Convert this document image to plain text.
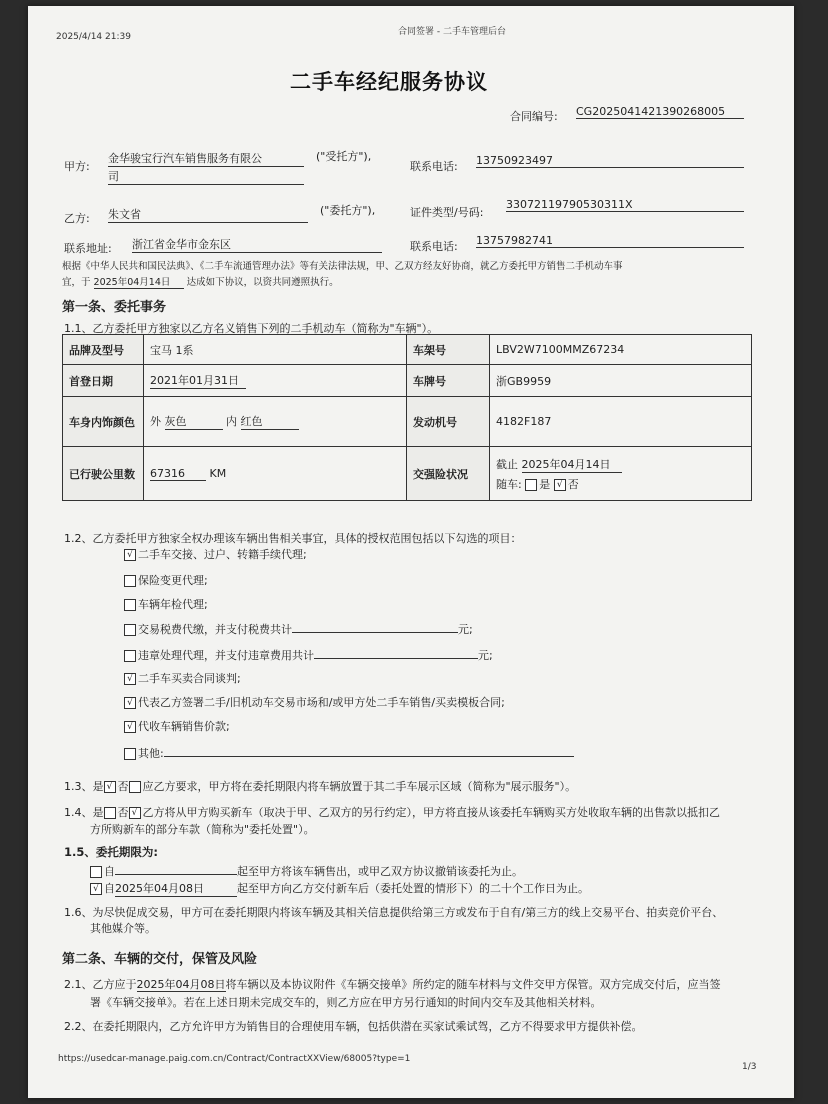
2025/4/14 21:39	合同签署 - 二手车管理后台
二手车经纪服务协议
合同编号: CG2025041421390268005
甲方:
金华骏宝行汽车销售服务有限公
司
("受托方"),
联系电话: 13750923497
乙方: 朱文省	("委托方"),	证件类型/号码:
33072119790530311X
联系地址: 浙江省金华市金东区	联系电话: 13757982741
根据《中华人民共和国民法典》、《二手车流通管理办法》等有关法律法规，甲、乙双方经友好协商，就乙方委托甲方销售二手机动车事
宜，于 2025年04月14日 达成如下协议，以资共同遵照执行。
第一条、委托事务
1.1、乙方委托甲方独家以乙方名义销售下列的二手机动车（简称为"车辆"）。
品牌及型号	宝马 1系	车架号	LBV2W7100MMZ67234
首登日期	2021年01月31日	车牌号	浙GB9959
车身内饰颜色	外 灰色 内 红色	发动机号	4182F187
已行驶公里数	67316 KM	交强险状况	截止 2025年04月14日
随车: 是 √ 否
1.2、乙方委托甲方独家全权办理该车辆出售相关事宜，具体的授权范围包括以下勾选的项目：
√ 二手车交接、过户、转籍手续代理;
保险变更代理;
车辆年检代理;
交易税费代缴，并支付税费共计	元;
违章处理代理，并支付违章费用共计	元;
√ 二手车买卖合同谈判;
√ 代表乙方签署二手/旧机动车交易市场和/或甲方处二手车销售/买卖模板合同;
√ 代收车辆销售价款;
其他:
1.3、是 √ 否 应乙方要求，甲方将在委托期限内将车辆放置于其二手车展示区域（简称为"展示服务"）。
1.4、是 否 √ 乙方将从甲方购买新车（取决于甲、乙双方的另行约定），甲方将直接从该委托车辆购买方处收取车辆的出售款以抵扣乙
方所购新车的部分车款（简称为"委托处置"）。
1.5、委托期限为:
自	起至甲方将该车辆售出，或甲乙双方协议撤销该委托为止。
√ 自2025年04月08日	起至甲方向乙方交付新车后（委托处置的情形下）的二十个工作日为止。
1.6、为尽快促成交易，甲方可在委托期限内将该车辆及其相关信息提供给第三方或发布于自有/第三方的线上交易平台、拍卖竞价平台、
其他媒介等。
第二条、车辆的交付，保管及风险
2.1、乙方应于2025年04月08日将车辆以及本协议附件《车辆交接单》所约定的随车材料与文件交甲方保管。双方完成交付后，应当签
署《车辆交接单》。若在上述日期未完成交车的，则乙方应在甲方另行通知的时间内交车及其他相关材料。
2.2、在委托期限内，乙方允许甲方为销售目的合理使用车辆，包括供潜在买家试乘试驾，乙方不得要求甲方提供补偿。
https://usedcar-manage.paig.com.cn/Contract/ContractXXView/68005?type=1
1/3
